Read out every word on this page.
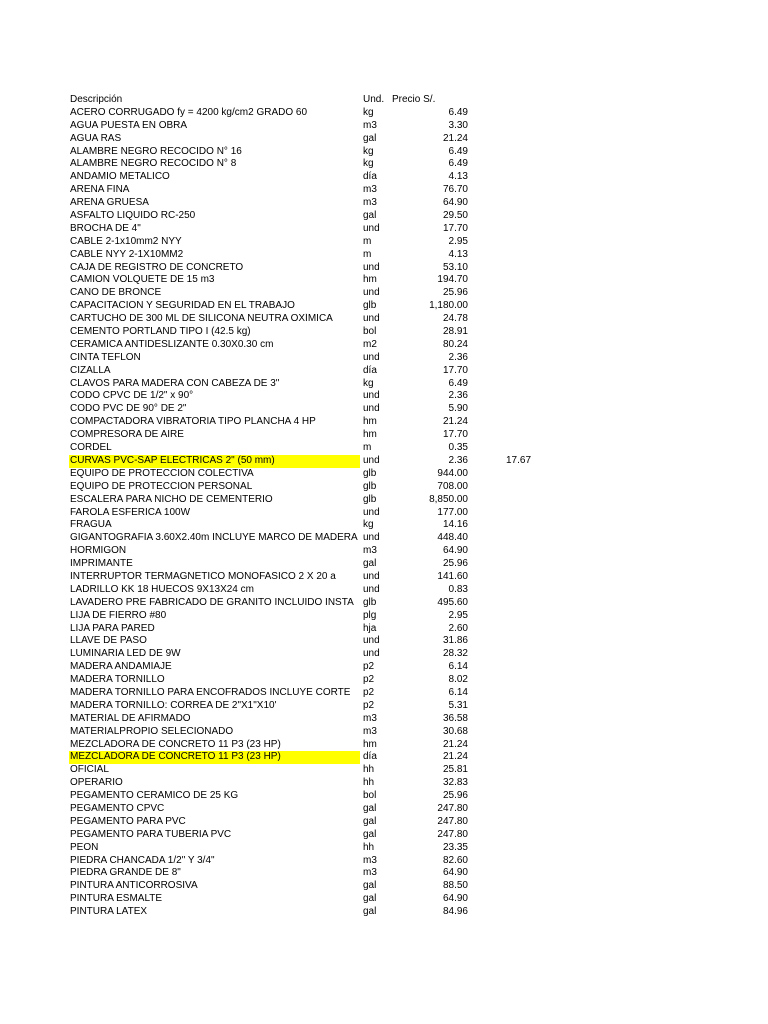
Descripción	Und. Precio S/.
ACERO CORRUGADO fy = 4200 kg/cm2 GRADO 60	kg	6.49
AGUA PUESTA EN OBRA	m3	3.30
AGUA RAS	gal	21.24
ALAMBRE NEGRO RECOCIDO N° 16	kg	6.49
ALAMBRE NEGRO RECOCIDO N° 8	kg	6.49
ANDAMIO METALICO	día	4.13
ARENA FINA	m3	76.70
ARENA GRUESA	m3	64.90
ASFALTO LIQUIDO RC-250	gal	29.50
BROCHA DE 4"	und	17.70
CABLE 2-1x10mm2 NYY	m	2.95
CABLE NYY 2-1X10MM2	m	4.13
CAJA DE REGISTRO DE CONCRETO	und	53.10
CAMION VOLQUETE DE 15 m3	hm	194.70
CAÑO DE BRONCE	und	25.96
CAPACITACION Y SEGURIDAD EN EL TRABAJO	glb	1,180.00
CARTUCHO DE 300 ML DE SILICONA NEUTRA OXÍMICA	und	24.78
CEMENTO PORTLAND TIPO I (42.5 kg)	bol	28.91
CERAMICA ANTIDESLIZANTE 0.30X0.30 cm	m2	80.24
CINTA TEFLON	und	2.36
CIZALLA	día	17.70
CLAVOS PARA MADERA CON CABEZA DE 3"	kg	6.49
CODO CPVC DE 1/2" x 90°	und	2.36
CODO PVC DE 90° DE 2"	und	5.90
COMPACTADORA VIBRATORIA TIPO PLANCHA 4 HP	hm	21.24
COMPRESORA DE AIRE	hm	17.70
CORDEL	m	0.35
CURVAS PVC-SAP ELECTRICAS 2" (50 mm)	und	2.36	17.67
EQUIPO DE PROTECCION COLECTIVA	glb	944.00
EQUIPO DE PROTECCION PERSONAL	glb	708.00
ESCALERA PARA NICHO DE CEMENTERIO	glb	8,850.00
FAROLA ESFERICA 100W	und	177.00
FRAGUA	kg	14.16
GIGANTOGRAFIA 3.60X2.40m INCLUYE MARCO DE MADERA und	448.40
HORMIGON	m3	64.90
IMPRIMANTE	gal	25.96
INTERRUPTOR TERMAGNETICO MONOFASICO 2 X 20 a	und	141.60
LADRILLO KK 18 HUECOS 9X13X24 cm	und	0.83
LAVADERO PRE FABRICADO DE GRANITO INCLUIDO INSTA glb	495.60
LIJA DE FIERRO #80	plg	2.95
LIJA PARA PARED	hja	2.60
LLAVE DE PASO	und	31.86
LUMINARIA LED DE 9W	und	28.32
MADERA ANDAMIAJE	p2	6.14
MADERA TORNILLO	p2	8.02
MADERA TORNILLO PARA ENCOFRADOS INCLUYE CORTE	p2	6.14
MADERA TORNILLO: CORREA DE 2"X1"X10'	p2	5.31
MATERIAL DE AFIRMADO	m3	36.58
MATERIALPROPIO SELECIONADO	m3	30.68
MEZCLADORA DE CONCRETO 11 P3 (23 HP)	hm	21.24
MEZCLADORA DE CONCRETO 11 P3 (23 HP)	día	21.24
OFICIAL	hh	25.81
OPERARIO	hh	32.83
PEGAMENTO CERAMICO DE 25 KG	bol	25.96
PEGAMENTO CPVC	gal	247.80
PEGAMENTO PARA PVC	gal	247.80
PEGAMENTO PARA TUBERIA PVC	gal	247.80
PEON	hh	23.35
PIEDRA CHANCADA 1/2" Y 3/4"	m3	82.60
PIEDRA GRANDE DE 8"	m3	64.90
PINTURA ANTICORROSIVA	gal	88.50
PINTURA ESMALTE	gal	64.90
PINTURA LATEX	gal	84.96
